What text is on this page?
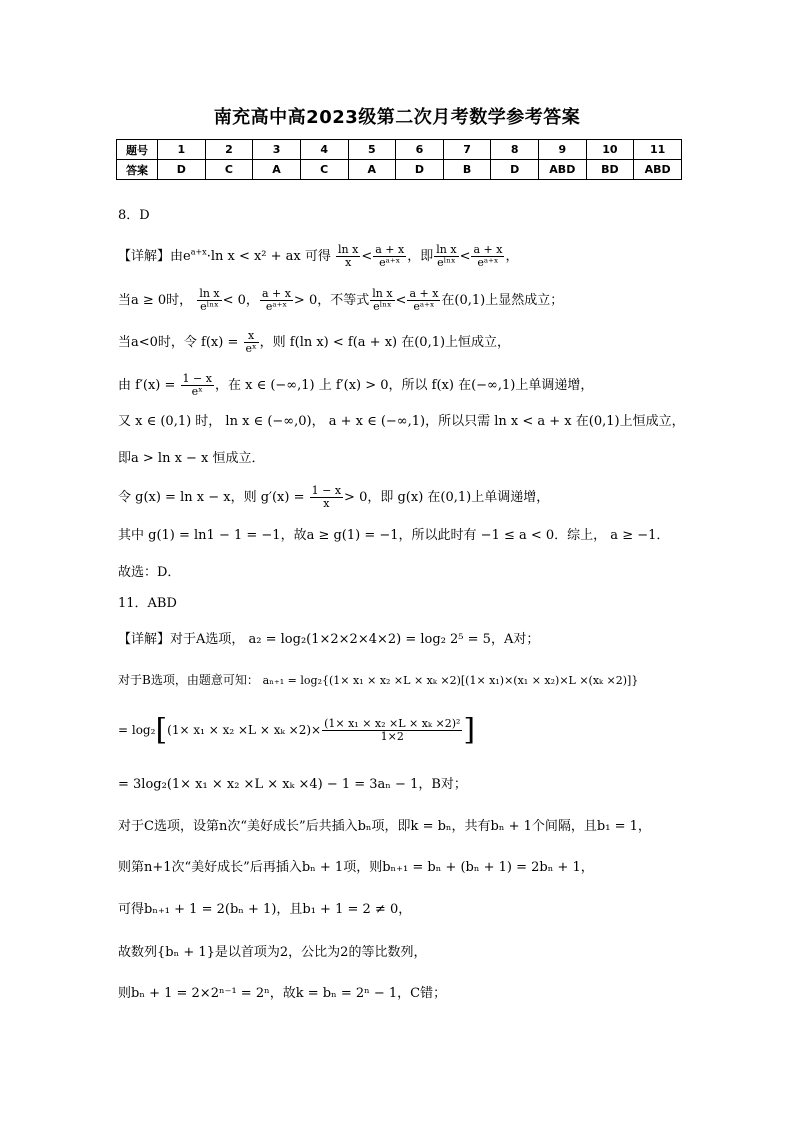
南充高中高2023级第二次月考数学参考答案
题号	1	2	3	4	5	6	7	8	9	10	11
答案	D	C	A	C	A	D	B	D	ABD	BD	ABD
8．D
【详解】由$e^{a+x}\cdot\ln$ x < x² + ax 可得 $\frac{\text{ln x}}{x} < \frac{a + x}{\text{eᵃ⁺ˣ}}$ ，即 $\frac{\text{ln x}}{\text{eˡⁿˣ}} < \frac{a + x}{\text{eᵃ⁺ˣ}}$ ，
当a ≥ 0时， $\frac{\text{ln x}}{\text{eˡⁿˣ}} < 0$， $\frac{a + x}{\text{eᵃ⁺ˣ}} > 0$，不等式 $\frac{\text{ln x}}{\text{eˡⁿˣ}} < \frac{a + x}{\text{eᵃ⁺ˣ}}$ 在(0,1)上显然成立；
当a<0时，令 $f(x) = \frac{x}{\text{eˣ}}$ ，则 f(ln x) < f(a + x) 在(0,1)上恒成立，
由 $f'(x) = \frac{1 - x}{\text{eˣ}}$ ，在 x ∈ (−∞,1) 上 f′(x) > 0，所以 f(x) 在(−∞,1)上单调递增，
又 x ∈ (0,1) 时， ln x ∈ (−∞,0)， a + x ∈ (−∞,1)，所以只需 ln x < a + x 在(0,1)上恒成立，
即a > ln x − x 恒成立．
令 g(x) = ln x − x，则 $g'(x) = \frac{1 - x}{x} > 0$，即 g(x) 在(0,1)上单调递增，
其中 g(1) = ln1 − 1 = −1，故a ≥ g(1) = −1，所以此时有 −1 ≤ a < 0．综上， a ≥ −1．
故选：D．
11．ABD
【详解】对于A选项， a₂ = log₂(1×2×2×4×2) = log₂ 2⁵ = 5，A对；
对于B选项，由题意可知： aₙ₊₁ = log₂{(1× x₁ × x₂ ×L × xₖ ×2)[(1× x₁)×(x₁ × x₂)×L ×(xₖ ×2)]}
= $\log_2[(1\times x_1 \times x_2 \times L \times x_k \times 2)\times \frac{\text{(1× x₁ × x₂ ×L × xₖ ×2)²}}{1\times 2}$ ]
= 3log₂(1× x₁ × x₂ ×L × xₖ ×4) − 1 = 3aₙ − 1，B对；
对于C选项，设第n次“美好成长”后共插入bₙ项，即k = bₙ，共有bₙ + 1个间隔，且b₁ = 1，
则第n+1次“美好成长”后再插入bₙ + 1项，则bₙ₊₁ = bₙ + (bₙ + 1) = 2bₙ + 1，
可得bₙ₊₁ + 1 = 2(bₙ + 1)，且b₁ + 1 = 2 ≠ 0，
故数列{bₙ + 1}是以首项为2，公比为2的等比数列，
则bₙ + 1 = 2×2ⁿ⁻¹ = 2ⁿ，故k = bₙ = 2ⁿ − 1，C错；
